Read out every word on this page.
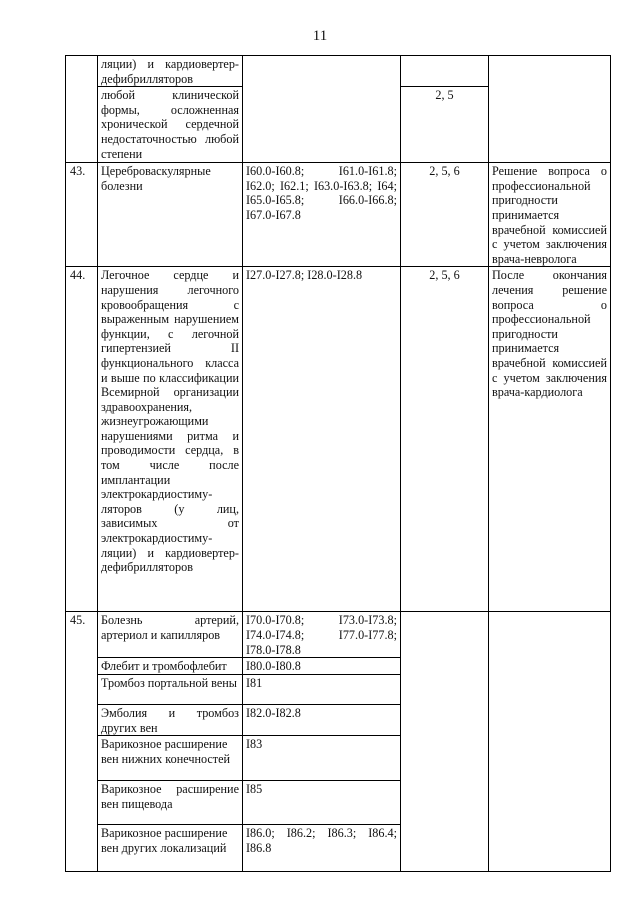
11
	ляции) и кардиовертер-дефибрилляторов			
	любой клинической формы, осложненная хронической сердечной недостаточностью любой степени		2, 5	
43.	Цереброваскулярные болезни	I60.0-I60.8; I61.0-I61.8; I62.0; I62.1; I63.0-I63.8; I64; I65.0-I65.8; I66.0-I66.8; I67.0-I67.8	2, 5, 6	Решение вопроса о профессиональной пригодности принимается врачебной комиссией с учетом заключения врача-невролога
44.	Легочное сердце и нарушения легочного кровообращения с выраженным нарушением функции, с легочной гипертензией II функционального класса и выше по классификации Всемирной организации здравоохранения, жизнеугрожающими нарушениями ритма и проводимости сердца, в том числе после имплантации электрокардиостиму-ляторов (у лиц, зависимых от электрокардиостиму-ляции) и кардиовертер-дефибрилляторов	I27.0-I27.8; I28.0-I28.8	2, 5, 6	После окончания лечения решение вопроса о профессиональной пригодности принимается врачебной комиссией с учетом заключения врача-кардиолога
45.	Болезнь артерий, артериол и капилляров	I70.0-I70.8; I73.0-I73.8; I74.0-I74.8; I77.0-I77.8; I78.0-I78.8		
	Флебит и тромбофлебит	I80.0-I80.8		
	Тромбоз портальной вены	I81		
	Эмболия и тромбоз других вен	I82.0-I82.8		
	Варикозное расширение вен нижних конечностей	I83		
	Варикозное расширение вен пищевода	I85		
	Варикозное расширение вен других локализаций	I86.0; I86.2; I86.3; I86.4; I86.8		
